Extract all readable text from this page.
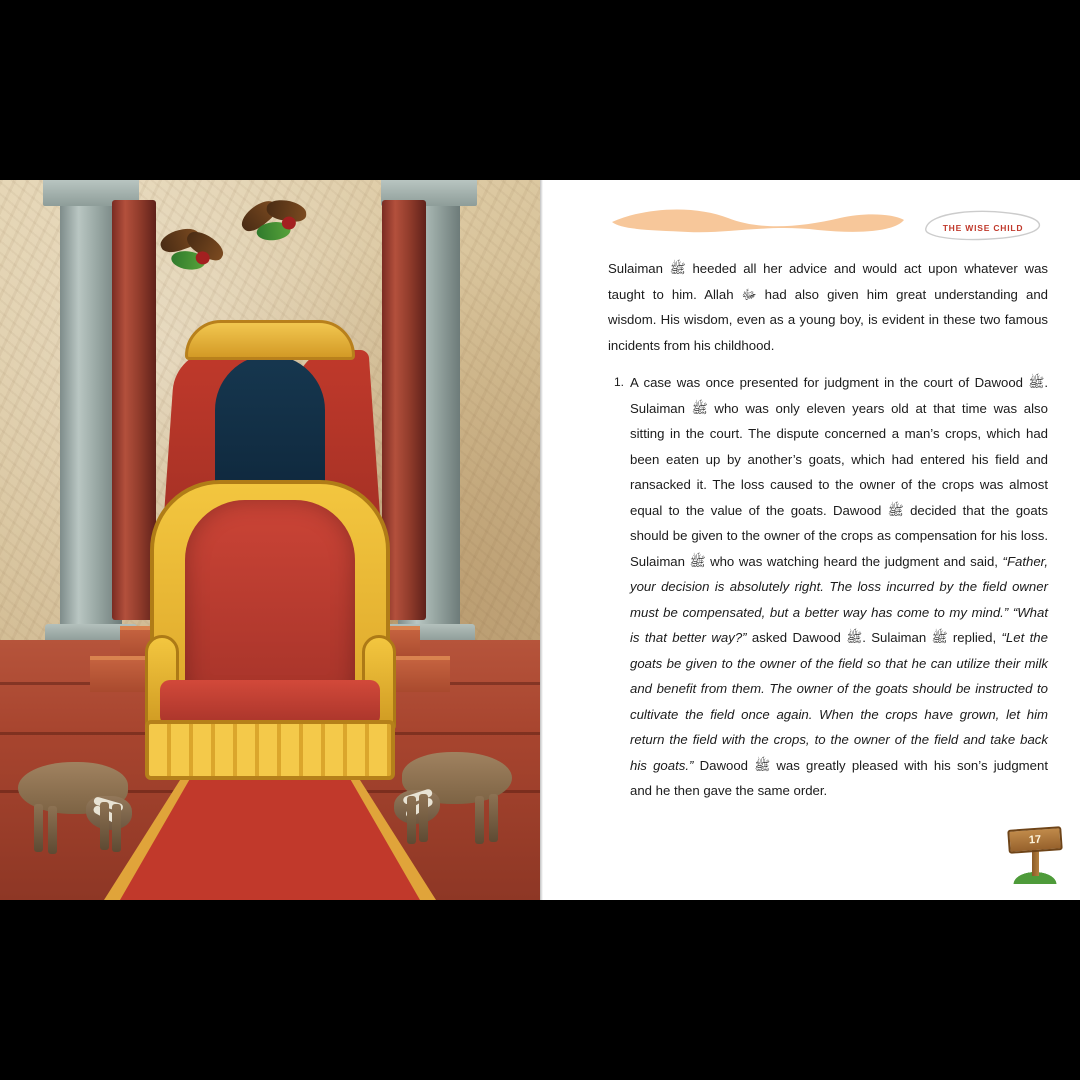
THE WISE CHILD

Sulaiman ﷺ heeded all her advice and would act upon whatever was taught to him. Allah ﷻ had also given him great understanding and wisdom. His wisdom, even as a young boy, is evident in these two famous incidents from his childhood.

1. A case was once presented for judgment in the court of Dawood ﷺ. Sulaiman ﷺ who was only eleven years old at that time was also sitting in the court. The dispute concerned a man’s crops, which had been eaten up by another’s goats, which had entered his field and ransacked it. The loss caused to the owner of the crops was almost equal to the value of the goats. Dawood ﷺ decided that the goats should be given to the owner of the crops as compensation for his loss. Sulaiman ﷺ who was watching heard the judgment and said, “Father, your decision is absolutely right. The loss incurred by the field owner must be compensated, but a better way has come to my mind.” “What is that better way?” asked Dawood ﷺ. Sulaiman ﷺ replied, “Let the goats be given to the owner of the field so that he can utilize their milk and benefit from them. The owner of the goats should be instructed to cultivate the field once again. When the crops have grown, let him return the field with the crops, to the owner of the field and take back his goats.” Dawood ﷺ was greatly pleased with his son’s judgment and he then gave the same order.
17
